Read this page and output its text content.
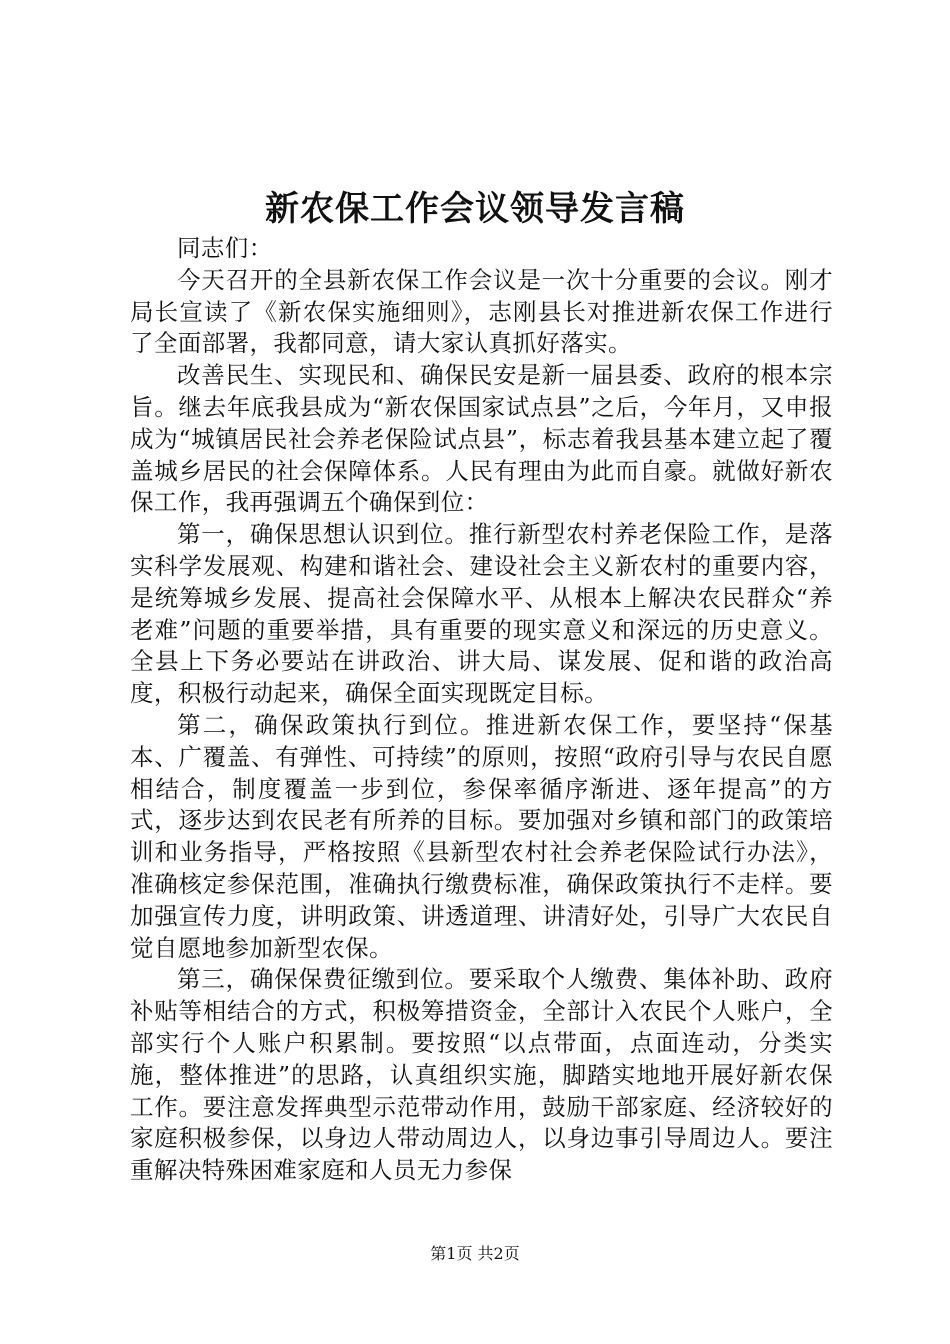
新农保工作会议领导发言稿

同志们：

今天召开的全县新农保工作会议是一次十分重要的会议。刚才局长宣读了《新农保实施细则》，志刚县长对推进新农保工作进行了全面部署，我都同意，请大家认真抓好落实。

改善民生、实现民和、确保民安是新一届县委、政府的根本宗旨。继去年底我县成为“新农保国家试点县”之后，今年月，又申报成为“城镇居民社会养老保险试点县”，标志着我县基本建立起了覆盖城乡居民的社会保障体系。人民有理由为此而自豪。就做好新农保工作，我再强调五个确保到位：

第一，确保思想认识到位。推行新型农村养老保险工作，是落实科学发展观、构建和谐社会、建设社会主义新农村的重要内容，是统筹城乡发展、提高社会保障水平、从根本上解决农民群众“养老难”问题的重要举措，具有重要的现实意义和深远的历史意义。全县上下务必要站在讲政治、讲大局、谋发展、促和谐的政治高度，积极行动起来，确保全面实现既定目标。

第二，确保政策执行到位。推进新农保工作，要坚持“保基本、广覆盖、有弹性、可持续”的原则，按照“政府引导与农民自愿相结合，制度覆盖一步到位，参保率循序渐进、逐年提高”的方式，逐步达到农民老有所养的目标。要加强对乡镇和部门的政策培训和业务指导，严格按照《县新型农村社会养老保险试行办法》，准确核定参保范围，准确执行缴费标准，确保政策执行不走样。要加强宣传力度，讲明政策、讲透道理、讲清好处，引导广大农民自觉自愿地参加新型农保。

第三，确保保费征缴到位。要采取个人缴费、集体补助、政府补贴等相结合的方式，积极筹措资金，全部计入农民个人账户，全部实行个人账户积累制。要按照“以点带面，点面连动，分类实施，整体推进”的思路，认真组织实施，脚踏实地地开展好新农保工作。要注意发挥典型示范带动作用，鼓励干部家庭、经济较好的家庭积极参保，以身边人带动周边人，以身边事引导周边人。要注重解决特殊困难家庭和人员无力参保

第1页 共2页
